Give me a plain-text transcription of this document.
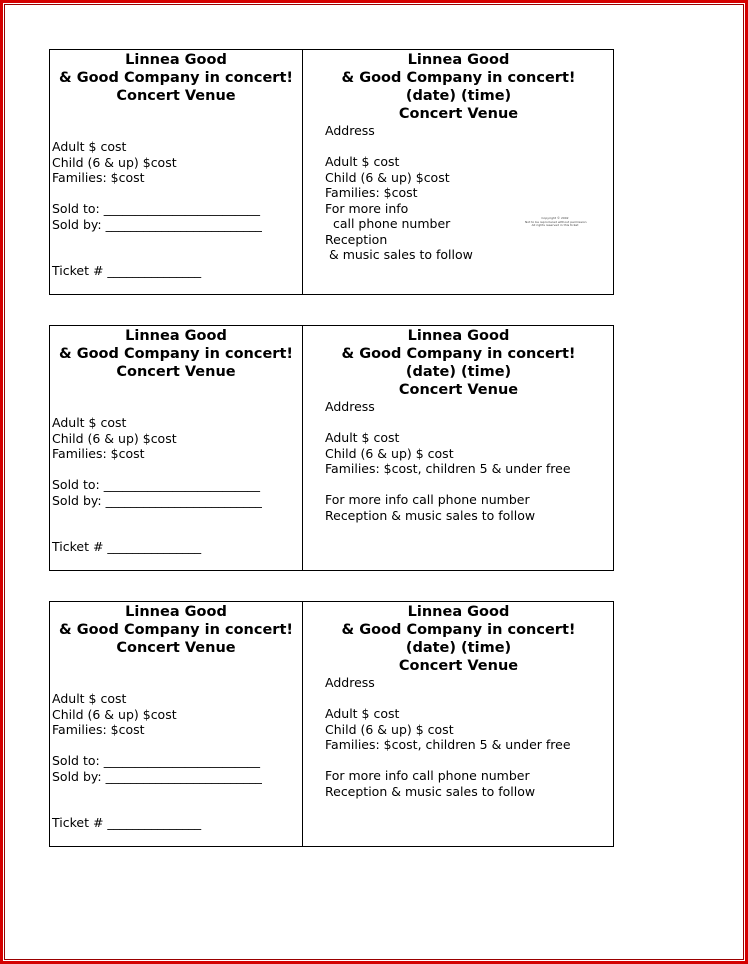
Linnea Good
& Good Company in concert!
Concert Venue
Adult $ cost
Child (6 & up) $cost
Families: $cost
Sold to: _________________________
Sold by: _________________________
Ticket # _______________
Linnea Good
& Good Company in concert!
(date) (time)
Concert Venue
Address
Adult $ cost
Child (6 & up) $cost
Families: $cost
For more info
call phone number
Reception
& music sales to follow
Copyright © 2002
Not to be reproduced without permission
All rights reserved in this ticket
Linnea Good
& Good Company in concert!
Concert Venue
Adult $ cost
Child (6 & up) $cost
Families: $cost
Sold to: _________________________
Sold by: _________________________
Ticket # _______________
Linnea Good
& Good Company in concert!
(date) (time)
Concert Venue
Address
Adult $ cost
Child (6 & up) $ cost
Families: $cost, children 5 & under free
For more info call phone number
Reception & music sales to follow
Linnea Good
& Good Company in concert!
Concert Venue
Adult $ cost
Child (6 & up) $cost
Families: $cost
Sold to: _________________________
Sold by: _________________________
Ticket # _______________
Linnea Good
& Good Company in concert!
(date) (time)
Concert Venue
Address
Adult $ cost
Child (6 & up) $ cost
Families: $cost, children 5 & under free
For more info call phone number
Reception & music sales to follow
